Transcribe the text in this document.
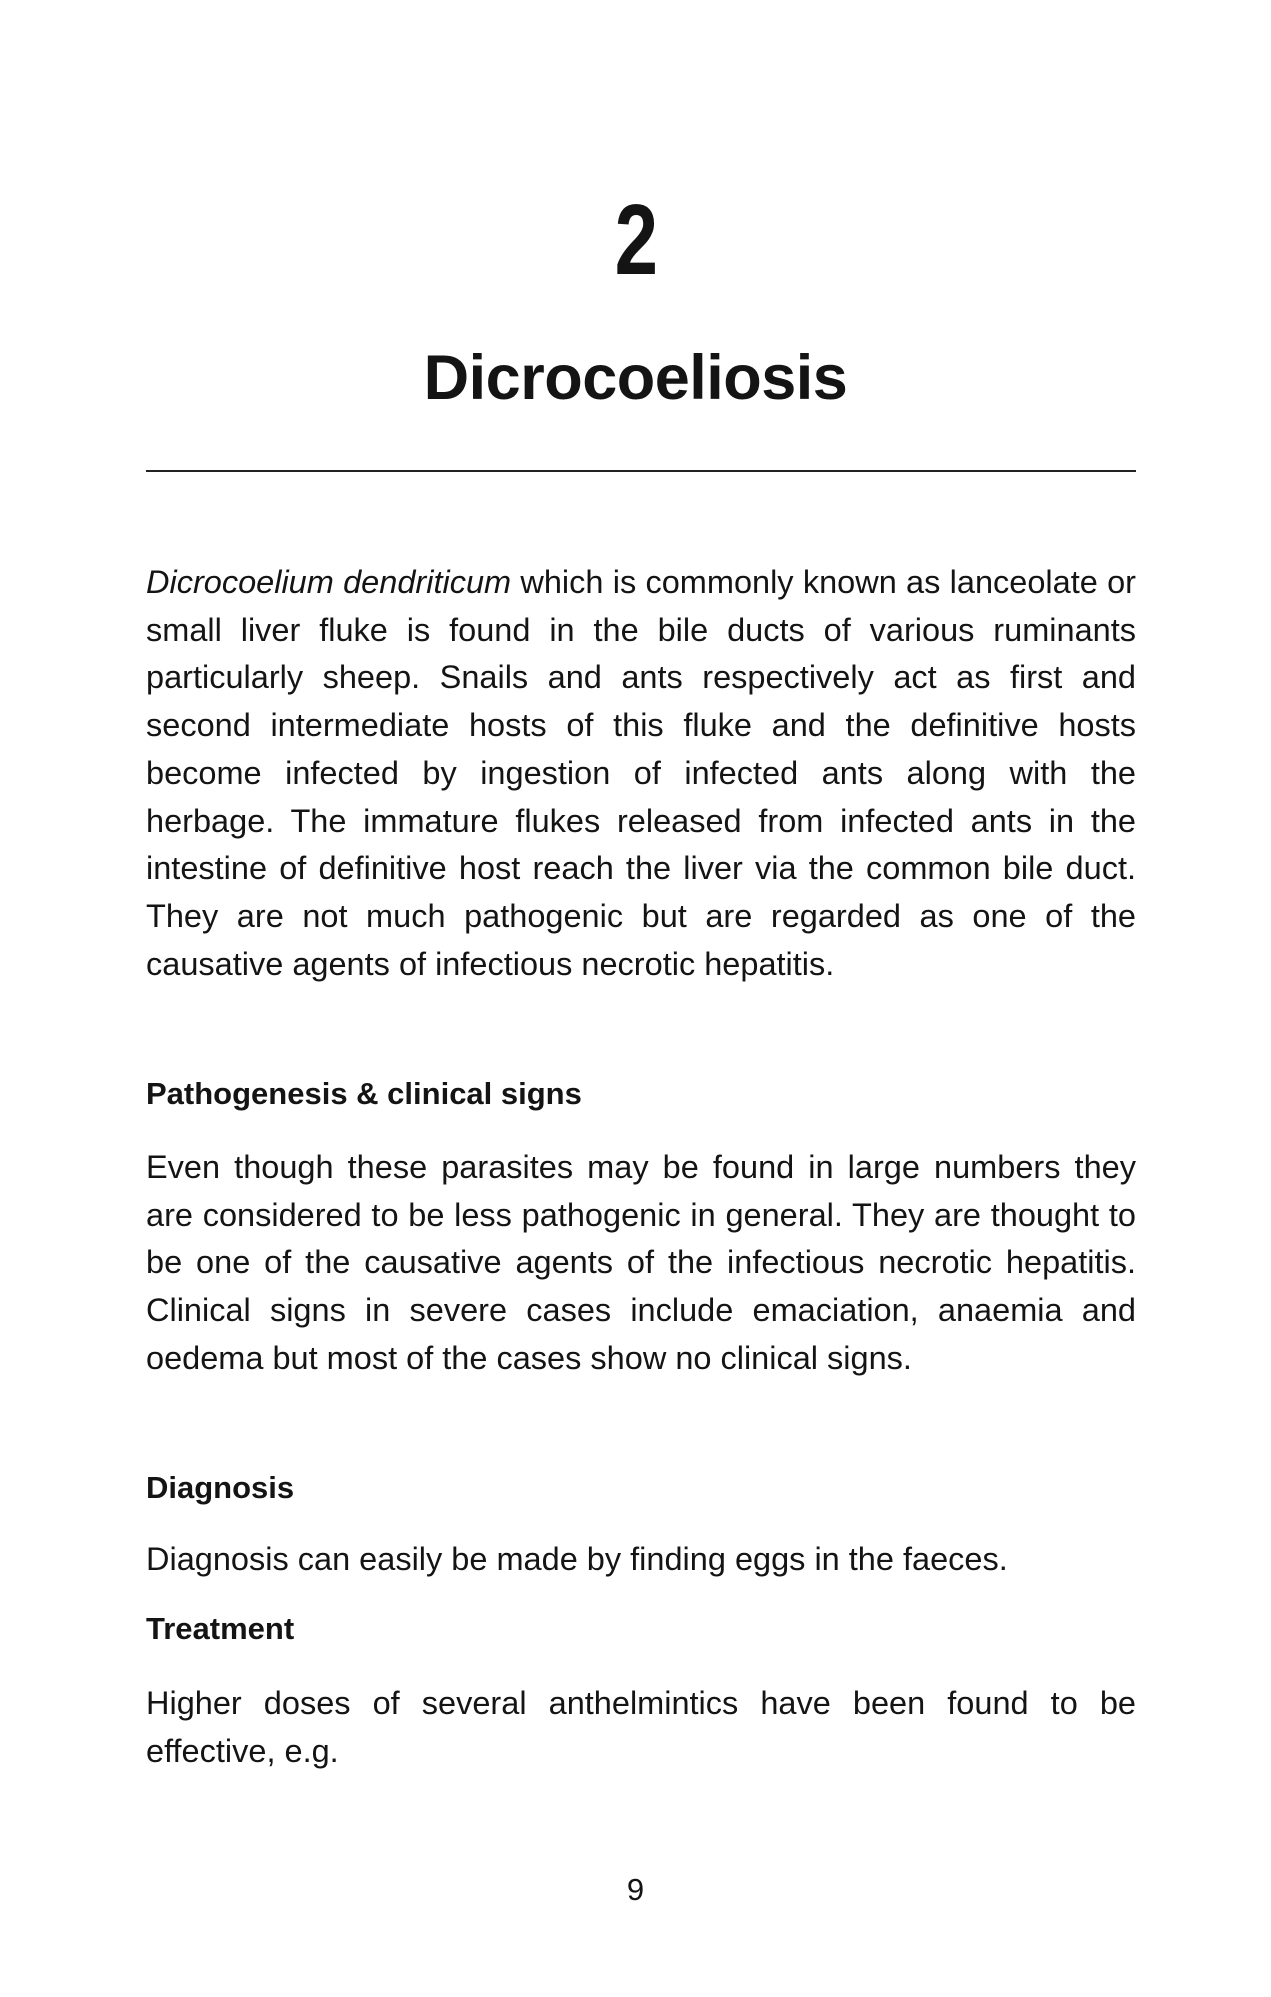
2
Dicrocoeliosis

Dicrocoelium dendriticum which is commonly known as lanceolate or small liver fluke is found in the bile ducts of various ruminants particularly sheep. Snails and ants respectively act as first and second intermediate hosts of this fluke and the definitive hosts become infected by ingestion of infected ants along with the herbage. The immature flukes released from infected ants in the intestine of definitive host reach the liver via the common bile duct. They are not much pathogenic but are regarded as one of the causative agents of infectious necrotic hepatitis.

Pathogenesis & clinical signs

Even though these parasites may be found in large numbers they are considered to be less pathogenic in general. They are thought to be one of the causative agents of the infectious necrotic hepatitis. Clinical signs in severe cases include emaciation, anaemia and oedema but most of the cases show no clinical signs.

Diagnosis

Diagnosis can easily be made by finding eggs in the faeces.

Treatment

Higher doses of several anthelmintics have been found to be effective, e.g.

9
